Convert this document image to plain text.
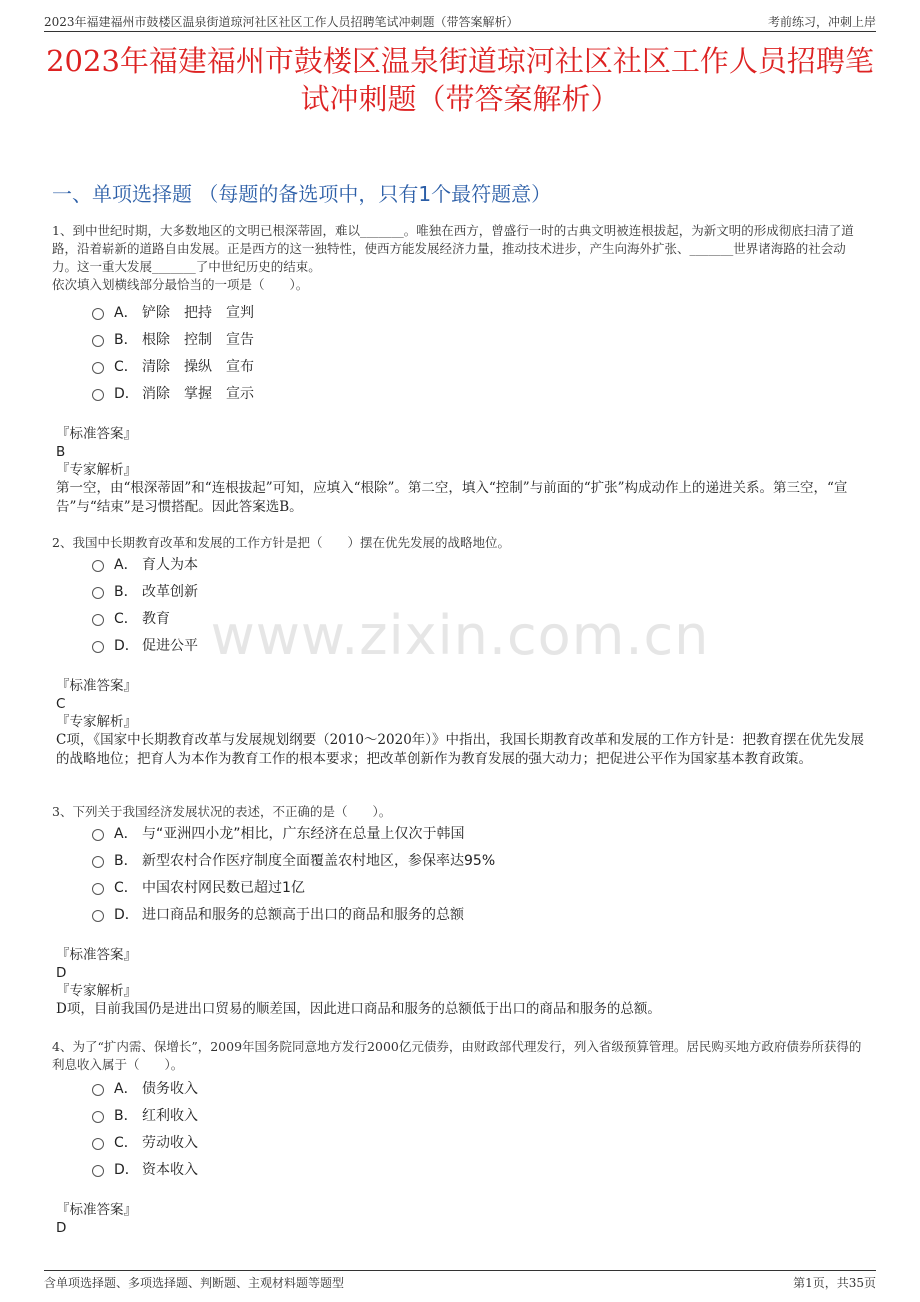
2023年福建福州市鼓楼区温泉街道琼河社区社区工作人员招聘笔试冲刺题（带答案解析）	考前练习，冲刺上岸
2023年福建福州市鼓楼区温泉街道琼河社区社区工作人员招聘笔试冲刺题（带答案解析）
一、单项选择题 （每题的备选项中，只有1个最符题意）
www.zixin.com.cn
1、到中世纪时期，大多数地区的文明已根深蒂固，难以_______。唯独在西方，曾盛行一时的古典文明被连根拔起，为新文明的形成彻底扫清了道路，沿着崭新的道路自由发展。正是西方的这一独特性，使西方能发展经济力量，推动技术进步，产生向海外扩张、_______世界诸海路的社会动力。这一重大发展_______了中世纪历史的结束。
依次填入划横线部分最恰当的一项是（　　）。
A． 铲除　把持　宣判
B． 根除　控制　宣告
C． 清除　操纵　宣布
D． 消除　掌握　宣示
『标准答案』
B
『专家解析』
第一空，由“根深蒂固”和“连根拔起”可知，应填入“根除”。第二空，填入“控制”与前面的“扩张”构成动作上的递进关系。第三空，“宣告”与“结束”是习惯搭配。因此答案选B。
2、我国中长期教育改革和发展的工作方针是把（　　）摆在优先发展的战略地位。
A． 育人为本
B． 改革创新
C． 教育
D． 促进公平
『标准答案』
C
『专家解析』
C项，《国家中长期教育改革与发展规划纲要（2010～2020年）》中指出，我国长期教育改革和发展的工作方针是：把教育摆在优先发展的战略地位；把育人为本作为教育工作的根本要求；把改革创新作为教育发展的强大动力；把促进公平作为国家基本教育政策。
3、下列关于我国经济发展状况的表述，不正确的是（　　）。
A． 与“亚洲四小龙”相比，广东经济在总量上仅次于韩国
B． 新型农村合作医疗制度全面覆盖农村地区，参保率达95%
C． 中国农村网民数已超过1亿
D． 进口商品和服务的总额高于出口的商品和服务的总额
『标准答案』
D
『专家解析』
D项，目前我国仍是进出口贸易的顺差国，因此进口商品和服务的总额低于出口的商品和服务的总额。
4、为了“扩内需、保增长”，2009年国务院同意地方发行2000亿元债券，由财政部代理发行，列入省级预算管理。居民购买地方政府债券所获得的利息收入属于（　　）。
A． 债务收入
B． 红利收入
C． 劳动收入
D． 资本收入
『标准答案』
D
含单项选择题、多项选择题、判断题、主观材料题等题型	第1页，共35页
